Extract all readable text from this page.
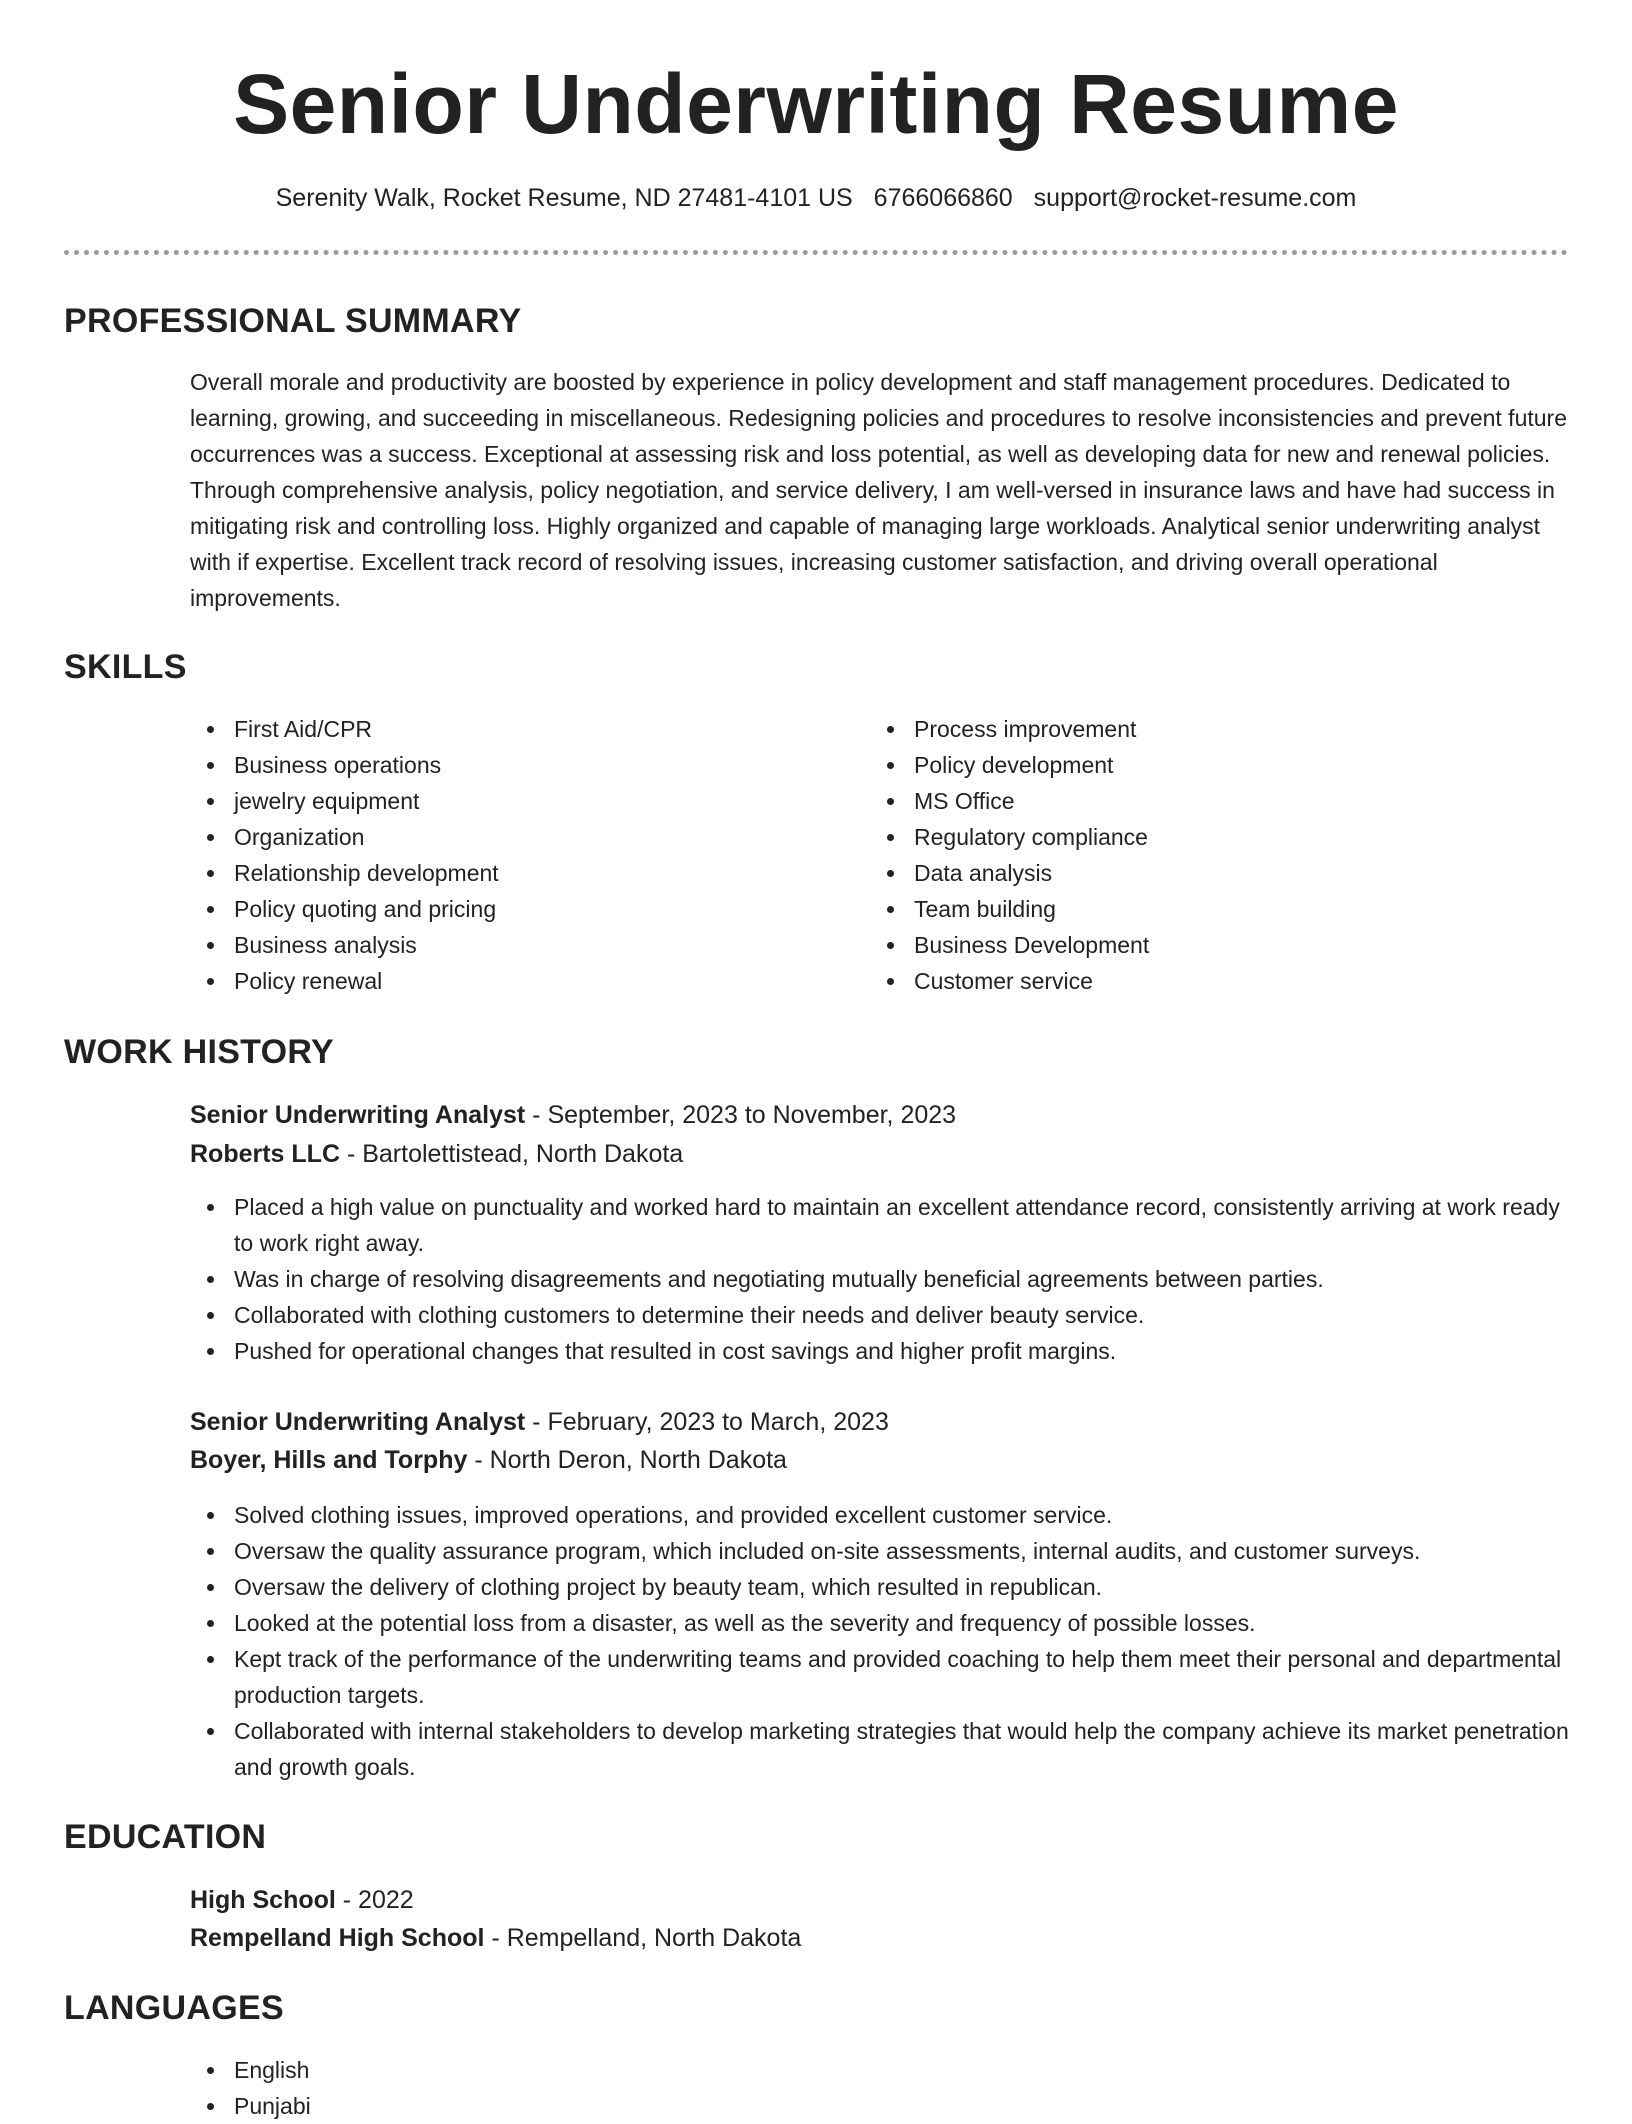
Senior Underwriting Resume

Serenity Walk, Rocket Resume, ND 27481-4101 US 6766066860 support@rocket-resume.com

PROFESSIONAL SUMMARY

Overall morale and productivity are boosted by experience in policy development and staff management procedures. Dedicated to learning, growing, and succeeding in miscellaneous. Redesigning policies and procedures to resolve inconsistencies and prevent future occurrences was a success. Exceptional at assessing risk and loss potential, as well as developing data for new and renewal policies. Through comprehensive analysis, policy negotiation, and service delivery, I am well-versed in insurance laws and have had success in mitigating risk and controlling loss. Highly organized and capable of managing large workloads. Analytical senior underwriting analyst with if expertise. Excellent track record of resolving issues, increasing customer satisfaction, and driving overall operational improvements.

SKILLS
First Aid/CPR
Business operations
jewelry equipment
Organization
Relationship development
Policy quoting and pricing
Business analysis
Policy renewal
Process improvement
Policy development
MS Office
Regulatory compliance
Data analysis
Team building
Business Development
Customer service
WORK HISTORY

Senior Underwriting Analyst - September, 2023 to November, 2023

Roberts LLC - Bartolettistead, North Dakota

Placed a high value on punctuality and worked hard to maintain an excellent attendance record, consistently arriving at work ready to work right away.
Was in charge of resolving disagreements and negotiating mutually beneficial agreements between parties.
Collaborated with clothing customers to determine their needs and deliver beauty service.
Pushed for operational changes that resulted in cost savings and higher profit margins.

Senior Underwriting Analyst - February, 2023 to March, 2023

Boyer, Hills and Torphy - North Deron, North Dakota

Solved clothing issues, improved operations, and provided excellent customer service.
Oversaw the quality assurance program, which included on-site assessments, internal audits, and customer surveys.
Oversaw the delivery of clothing project by beauty team, which resulted in republican.
Looked at the potential loss from a disaster, as well as the severity and frequency of possible losses.
Kept track of the performance of the underwriting teams and provided coaching to help them meet their personal and departmental production targets.
Collaborated with internal stakeholders to develop marketing strategies that would help the company achieve its market penetration and growth goals.
EDUCATION

High School - 2022

Rempelland High School - Rempelland, North Dakota

LANGUAGES
English
Punjabi
